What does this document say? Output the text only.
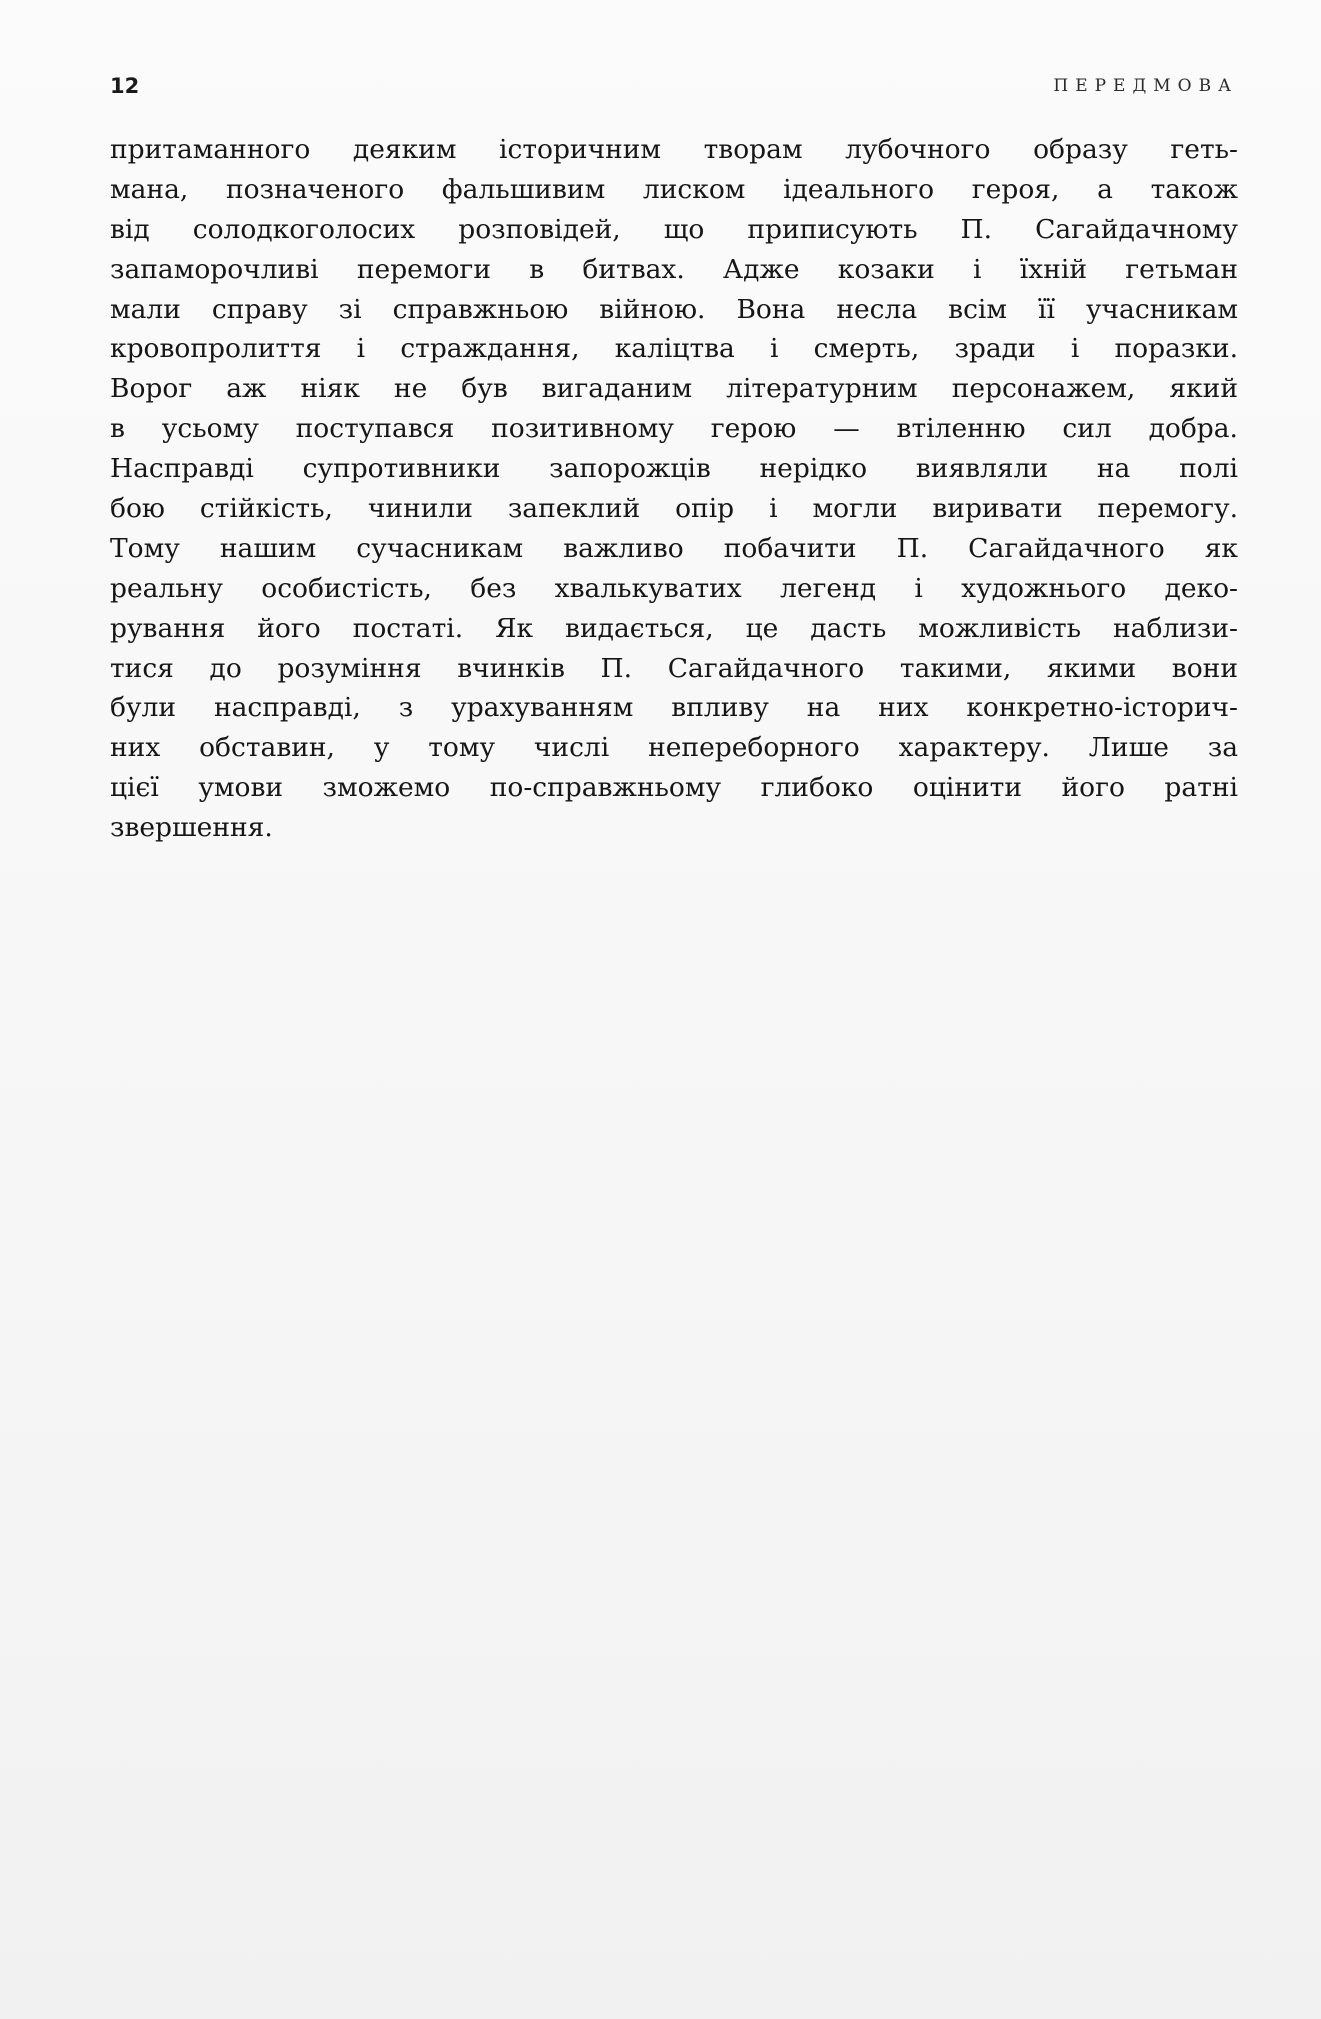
12	ПЕРЕДМОВА
притаманного деяким історичним творам лубочного образу геть-
мана, позначеного фальшивим лиском ідеального героя, а також
від солодкоголосих розповідей, що приписують П. Сагайдачному
запаморочливі перемоги в битвах. Адже козаки і їхній гетьман
мали справу зі справжньою війною. Вона несла всім її учасникам
кровопролиття і страждання, каліцтва і смерть, зради і поразки.
Ворог аж ніяк не був вигаданим літературним персонажем, який
в усьому поступався позитивному герою — втіленню сил добра.
Насправді супротивники запорожців нерідко виявляли на полі
бою стійкість, чинили запеклий опір і могли виривати перемогу.
Тому нашим сучасникам важливо побачити П. Сагайдачного як
реальну особистість, без хвалькуватих легенд і художнього деко-
рування його постаті. Як видається, це дасть можливість наблизи-
тися до розуміння вчинків П. Сагайдачного такими, якими вони
були насправді, з урахуванням впливу на них конкретно-історич-
них обставин, у тому числі непереборного характеру. Лише за
цієї умови зможемо по-справжньому глибоко оцінити його ратні
звершення.
